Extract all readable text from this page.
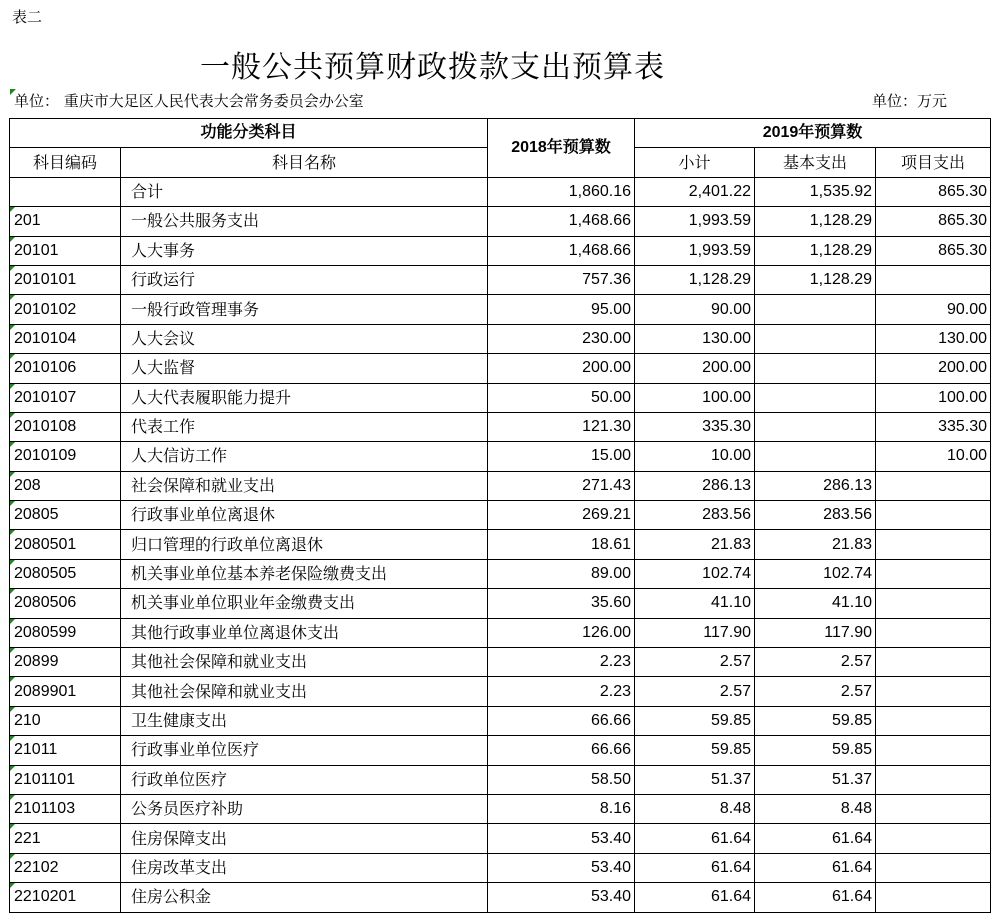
表二
一般公共预算财政拨款支出预算表
单位： 重庆市大足区人民代表大会常务委员会办公室	单位：万元
功能分类科目		2018年预算数	2019年预算数		
科目编码	科目名称		小计	基本支出	项目支出
	合计	1,860.16	2,401.22	1,535.92	865.30
201	一般公共服务支出	1,468.66	1,993.59	1,128.29	865.30
20101	人大事务	1,468.66	1,993.59	1,128.29	865.30
2010101	行政运行	757.36	1,128.29	1,128.29	
2010102	一般行政管理事务	95.00	90.00		90.00
2010104	人大会议	230.00	130.00		130.00
2010106	人大监督	200.00	200.00		200.00
2010107	人大代表履职能力提升	50.00	100.00		100.00
2010108	代表工作	121.30	335.30		335.30
2010109	人大信访工作	15.00	10.00		10.00
208	社会保障和就业支出	271.43	286.13	286.13	
20805	行政事业单位离退休	269.21	283.56	283.56	
2080501	归口管理的行政单位离退休	18.61	21.83	21.83	
2080505	机关事业单位基本养老保险缴费支出	89.00	102.74	102.74	
2080506	机关事业单位职业年金缴费支出	35.60	41.10	41.10	
2080599	其他行政事业单位离退休支出	126.00	117.90	117.90	
20899	其他社会保障和就业支出	2.23	2.57	2.57	
2089901	其他社会保障和就业支出	2.23	2.57	2.57	
210	卫生健康支出	66.66	59.85	59.85	
21011	行政事业单位医疗	66.66	59.85	59.85	
2101101	行政单位医疗	58.50	51.37	51.37	
2101103	公务员医疗补助	8.16	8.48	8.48	
221	住房保障支出	53.40	61.64	61.64	
22102	住房改革支出	53.40	61.64	61.64	
2210201	住房公积金	53.40	61.64	61.64	
